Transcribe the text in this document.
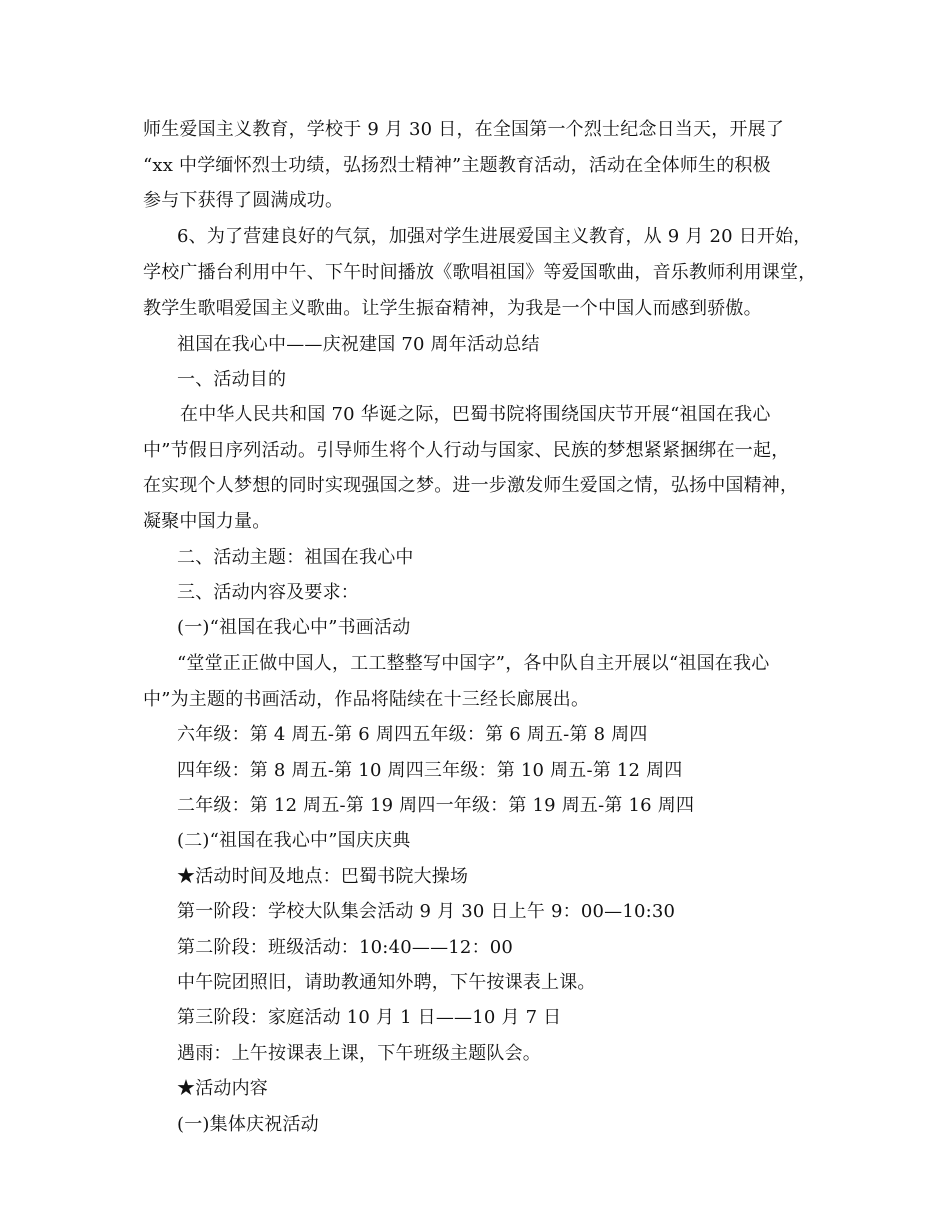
师生爱国主义教育，学校于 9 月 30 日，在全国第一个烈士纪念日当天，开展了
“xx 中学缅怀烈士功绩，弘扬烈士精神”主题教育活动，活动在全体师生的积极
参与下获得了圆满成功。
6、为了营建良好的气氛，加强对学生进展爱国主义教育，从 9 月 20 日开始，
学校广播台利用中午、下午时间播放《歌唱祖国》等爱国歌曲，音乐教师利用课堂，
教学生歌唱爱国主义歌曲。让学生振奋精神，为我是一个中国人而感到骄傲。
祖国在我心中——庆祝建国 70 周年活动总结
一、活动目的
在中华人民共和国 70 华诞之际，巴蜀书院将围绕国庆节开展“祖国在我心
中”节假日序列活动。引导师生将个人行动与国家、民族的梦想紧紧捆绑在一起，
在实现个人梦想的同时实现强国之梦。进一步激发师生爱国之情，弘扬中国精神，
凝聚中国力量。
二、活动主题：祖国在我心中
三、活动内容及要求：
(一)“祖国在我心中”书画活动
“堂堂正正做中国人，工工整整写中国字”，各中队自主开展以“祖国在我心
中”为主题的书画活动，作品将陆续在十三经长廊展出。
六年级：第 4 周五-第 6 周四五年级：第 6 周五-第 8 周四
四年级：第 8 周五-第 10 周四三年级：第 10 周五-第 12 周四
二年级：第 12 周五-第 19 周四一年级：第 19 周五-第 16 周四
(二)“祖国在我心中”国庆庆典
★活动时间及地点：巴蜀书院大操场
第一阶段：学校大队集会活动 9 月 30 日上午 9：00—10:30
第二阶段：班级活动：10:40——12：00
中午院团照旧，请助教通知外聘，下午按课表上课。
第三阶段：家庭活动 10 月 1 日——10 月 7 日
遇雨：上午按课表上课，下午班级主题队会。
★活动内容
(一)集体庆祝活动
